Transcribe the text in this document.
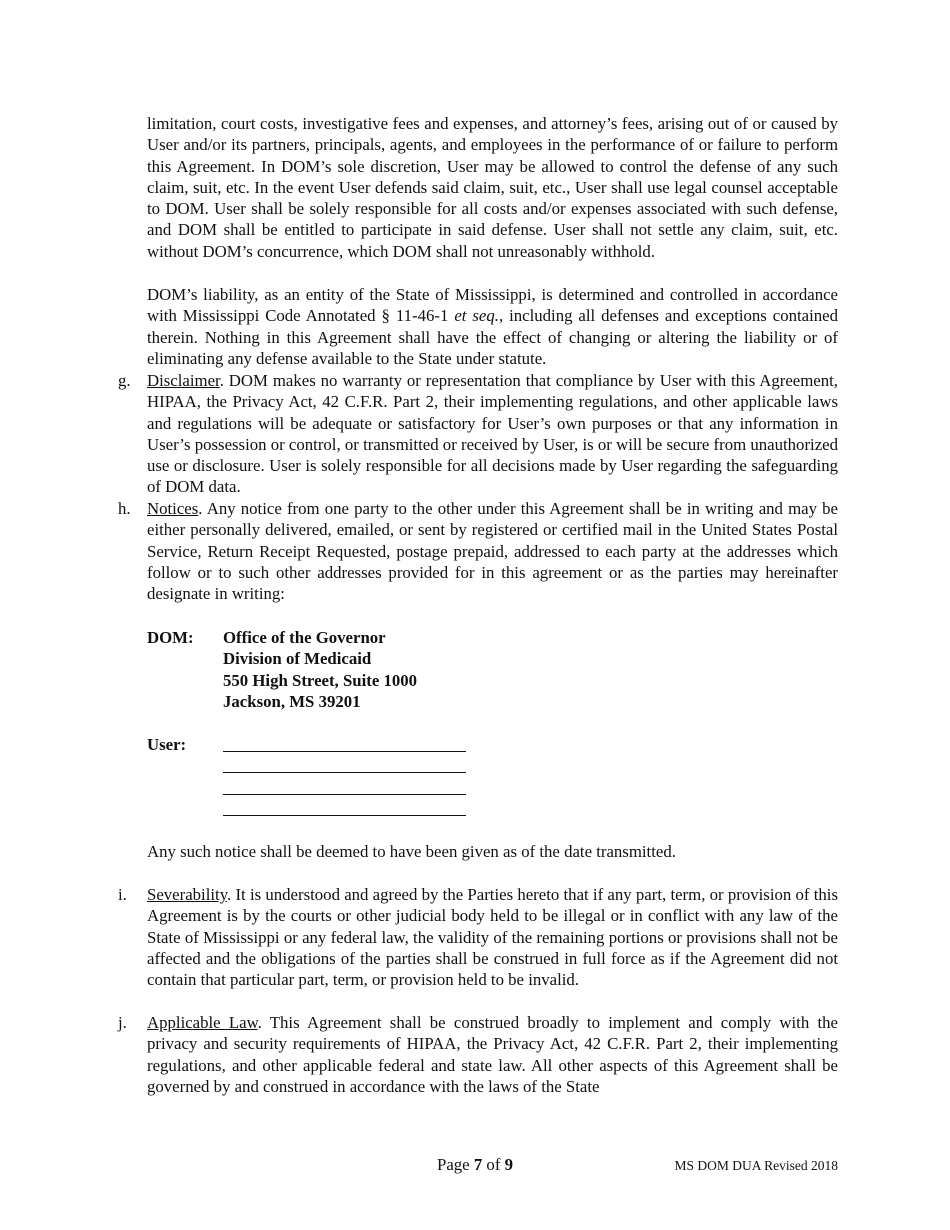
limitation, court costs, investigative fees and expenses, and attorney’s fees, arising out of or caused by User and/or its partners, principals, agents, and employees in the performance of or failure to perform this Agreement. In DOM’s sole discretion, User may be allowed to control the defense of any such claim, suit, etc. In the event User defends said claim, suit, etc., User shall use legal counsel acceptable to DOM. User shall be solely responsible for all costs and/or expenses associated with such defense, and DOM shall be entitled to participate in said defense. User shall not settle any claim, suit, etc. without DOM’s concurrence, which DOM shall not unreasonably withhold.

DOM’s liability, as an entity of the State of Mississippi, is determined and controlled in accordance with Mississippi Code Annotated § 11-46-1 et seq., including all defenses and exceptions contained therein. Nothing in this Agreement shall have the effect of changing or altering the liability or of eliminating any defense available to the State under statute.

g. Disclaimer. DOM makes no warranty or representation that compliance by User with this Agreement, HIPAA, the Privacy Act, 42 C.F.R. Part 2, their implementing regulations, and other applicable laws and regulations will be adequate or satisfactory for User’s own purposes or that any information in User’s possession or control, or transmitted or received by User, is or will be secure from unauthorized use or disclosure. User is solely responsible for all decisions made by User regarding the safeguarding of DOM data.

h. Notices. Any notice from one party to the other under this Agreement shall be in writing and may be either personally delivered, emailed, or sent by registered or certified mail in the United States Postal Service, Return Receipt Requested, postage prepaid, addressed to each party at the addresses which follow or to such other addresses provided for in this agreement or as the parties may hereinafter designate in writing:

DOM: Office of the Governor
Division of Medicaid
550 High Street, Suite 1000
Jackson, MS 39201
User:

Any such notice shall be deemed to have been given as of the date transmitted.

i. Severability. It is understood and agreed by the Parties hereto that if any part, term, or provision of this Agreement is by the courts or other judicial body held to be illegal or in conflict with any law of the State of Mississippi or any federal law, the validity of the remaining portions or provisions shall not be affected and the obligations of the parties shall be construed in full force as if the Agreement did not contain that particular part, term, or provision held to be invalid.

j. Applicable Law. This Agreement shall be construed broadly to implement and comply with the privacy and security requirements of HIPAA, the Privacy Act, 42 C.F.R. Part 2, their implementing regulations, and other applicable federal and state law. All other aspects of this Agreement shall be governed by and construed in accordance with the laws of the State

Page 7 of 9	MS DOM DUA Revised 2018
